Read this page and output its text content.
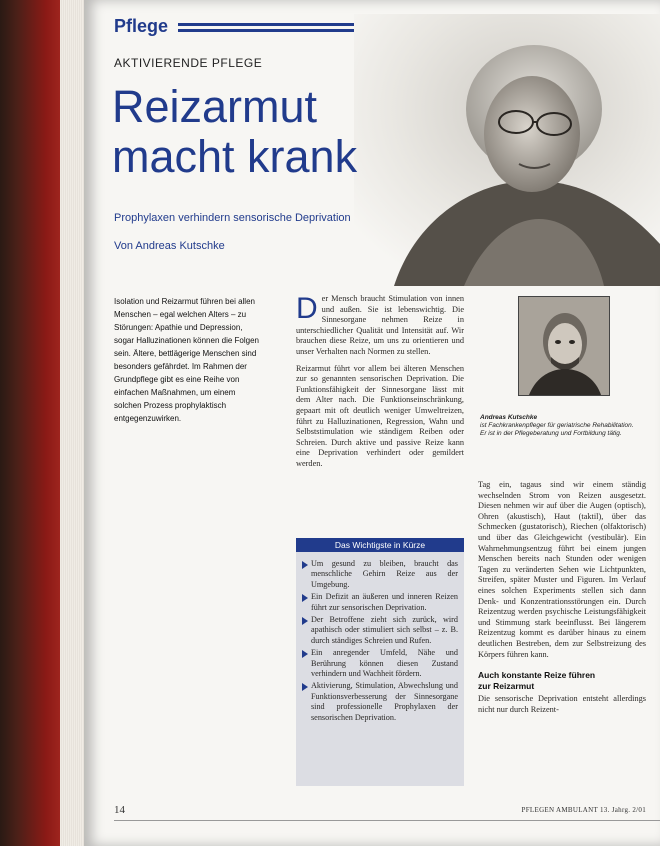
Pflege
AKTIVIERENDE PFLEGE
Reizarmut
macht krank
Prophylaxen verhindern sensorische Deprivation
Von Andreas Kutschke
Isolation und Reizarmut führen bei allen Menschen – egal welchen Alters – zu Störungen: Apathie und Depression, sogar Halluzinationen können die Folgen sein. Ältere, bettlägerige Menschen sind besonders gefährdet. Im Rahmen der Grundpflege gibt es eine Reihe von einfachen Maßnahmen, um einem solchen Prozess prophylaktisch entgegenzuwirken.

Der Mensch braucht Stimulation von innen und außen. Sie ist lebenswichtig. Die Sinnesorgane nehmen Reize in unterschiedlicher Qualität und Intensität auf. Wir brauchen diese Reize, um uns zu orientieren und unser Verhalten nach Normen zu stellen.

Reizarmut führt vor allem bei älteren Menschen zur so genannten sensorischen Deprivation. Die Funktionsfähigkeit der Sinnesorgane lässt mit dem Alter nach. Die Funktionseinschränkung, gepaart mit oft deutlich weniger Umweltreizen, führt zu Halluzinationen, Regression, Wahn und Selbststimulation wie ständigem Reiben oder Schreien. Durch aktive und passive Reize kann eine Deprivation verhindert oder gemildert werden.

Andreas Kutschke
ist Fachkrankenpfleger für geriatrische Rehabilitation. Er ist in der Pflegeberatung und Fortbildung tätig.
Das Wichtigste in Kürze
Um gesund zu bleiben, braucht das menschliche Gehirn Reize aus der Umgebung.
Ein Defizit an äußeren und inneren Reizen führt zur sensorischen Deprivation.
Der Betroffene zieht sich zurück, wird apathisch oder stimuliert sich selbst – z. B. durch ständiges Schreien und Rufen.
Ein anregender Umfeld, Nähe und Berührung können diesen Zustand verhindern und Wachheit fördern.
Aktivierung, Stimulation, Abwechslung und Funktionsverbesserung der Sinnesorgane sind professionelle Prophylaxen der sensorischen Deprivation.

Tag ein, tagaus sind wir einem ständig wechselnden Strom von Reizen ausgesetzt. Diesen nehmen wir auf über die Augen (optisch), Ohren (akustisch), Haut (taktil), über das Schmecken (gustatorisch), Riechen (olfaktorisch) und über das Gleichgewicht (vestibulär). Ein Wahrnehmungsentzug führt bei einem jungen Menschen bereits nach Stunden oder wenigen Tagen zu veränderten Sehen wie Lichtpunkten, Streifen, später Muster und Figuren. Im Verlauf eines solchen Experiments stellen sich dann Denk- und Konzentrationsstörungen ein. Durch Reizentzug werden psychische Leistungsfähigkeit und Stimmung stark beeinflusst. Bei längerem Reizentzug kommt es darüber hinaus zu einem deutlichen Bestreben, dem zur Selbstreizung des Körpers führen kann.

Auch konstante Reize führen
zur Reizarmut

Die sensorische Deprivation entsteht allerdings nicht nur durch Reizent-

14	PFLEGEN AMBULANT 13. Jahrg. 2/01
